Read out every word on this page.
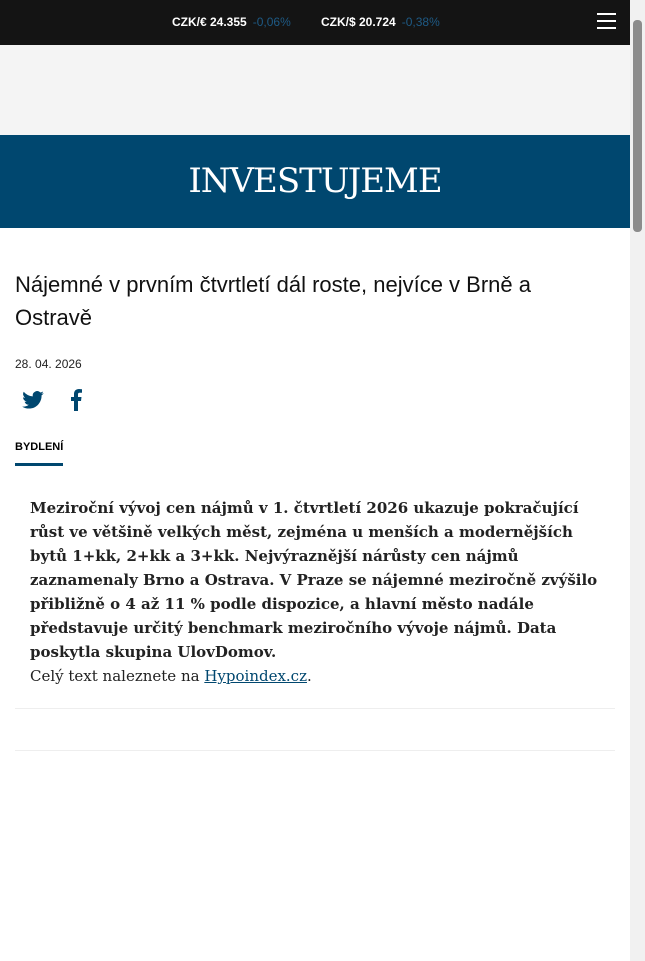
CZK/€ 24.355 -0,06%	CZK/$ 20.724 -0,38%
INVESTUJEME
Nájemné v prvním čtvrtletí dál roste, nejvíce v Brně a Ostravě
28. 04. 2026
BYDLENÍ
Meziroční vývoj cen nájmů v 1. čtvrtletí 2026 ukazuje pokračující růst ve většině velkých měst, zejména u menších a modernějších bytů 1+kk, 2+kk a 3+kk. Nejvýraznější nárůsty cen nájmů zaznamenaly Brno a Ostrava. V Praze se nájemné meziročně zvýšilo přibližně o 4 až 11 % podle dispozice, a hlavní město nadále představuje určitý benchmark meziročního vývoje nájmů. Data poskytla skupina UlovDomov.
Celý text naleznete na Hypoindex.cz.
